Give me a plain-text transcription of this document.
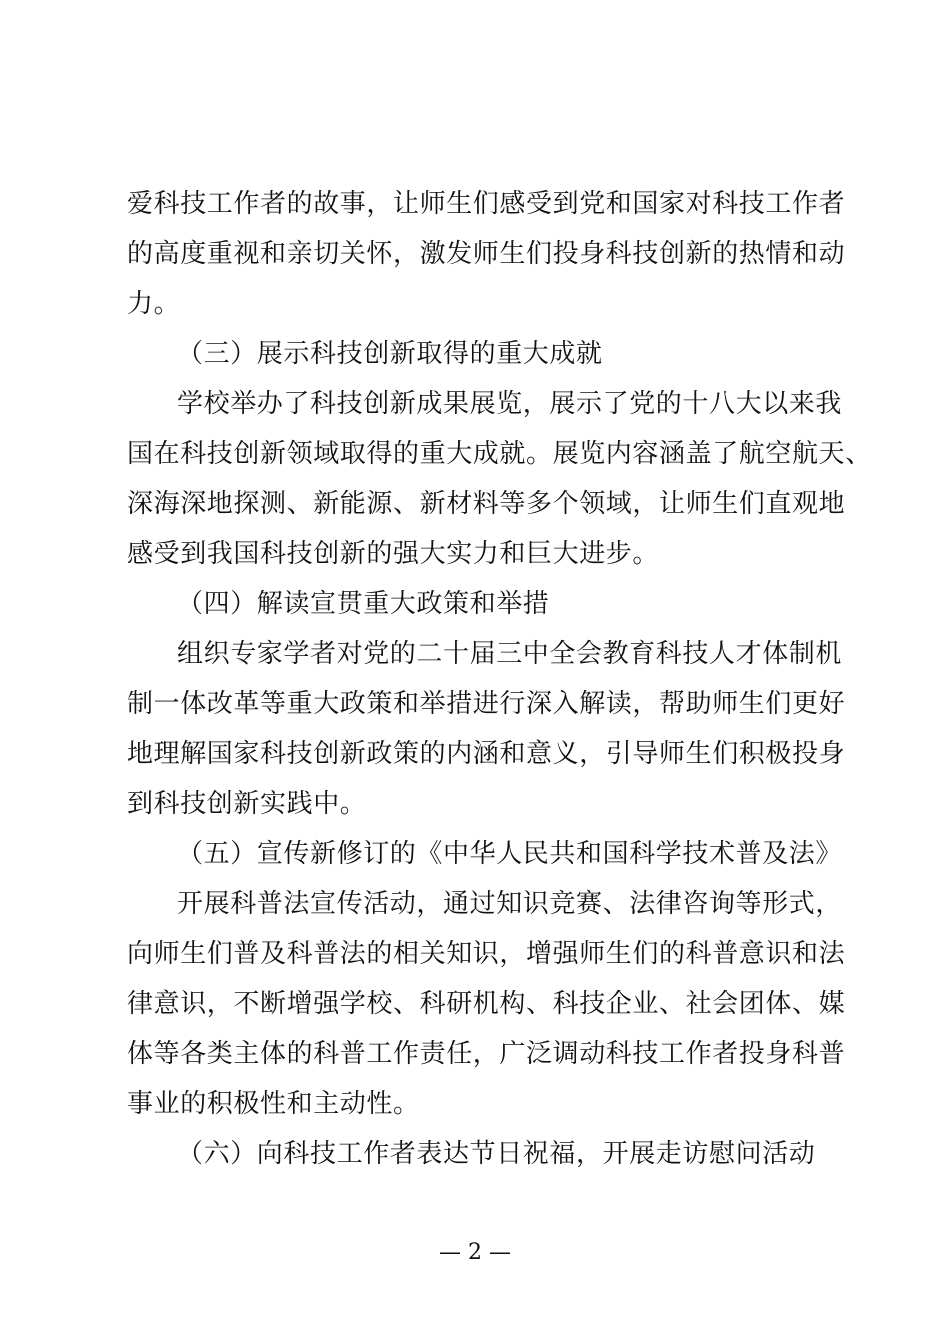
爱科技工作者的故事，让师生们感受到党和国家对科技工作者
的高度重视和亲切关怀，激发师生们投身科技创新的热情和动
力。
（三）展示科技创新取得的重大成就
学校举办了科技创新成果展览，展示了党的十八大以来我
国在科技创新领域取得的重大成就。展览内容涵盖了航空航天、
深海深地探测、新能源、新材料等多个领域，让师生们直观地
感受到我国科技创新的强大实力和巨大进步。
（四）解读宣贯重大政策和举措
组织专家学者对党的二十届三中全会教育科技人才体制机
制一体改革等重大政策和举措进行深入解读，帮助师生们更好
地理解国家科技创新政策的内涵和意义，引导师生们积极投身
到科技创新实践中。
（五）宣传新修订的《中华人民共和国科学技术普及法》
开展科普法宣传活动，通过知识竞赛、法律咨询等形式，
向师生们普及科普法的相关知识，增强师生们的科普意识和法
律意识，不断增强学校、科研机构、科技企业、社会团体、媒
体等各类主体的科普工作责任，广泛调动科技工作者投身科普
事业的积极性和主动性。
（六）向科技工作者表达节日祝福，开展走访慰问活动
— 2 —
